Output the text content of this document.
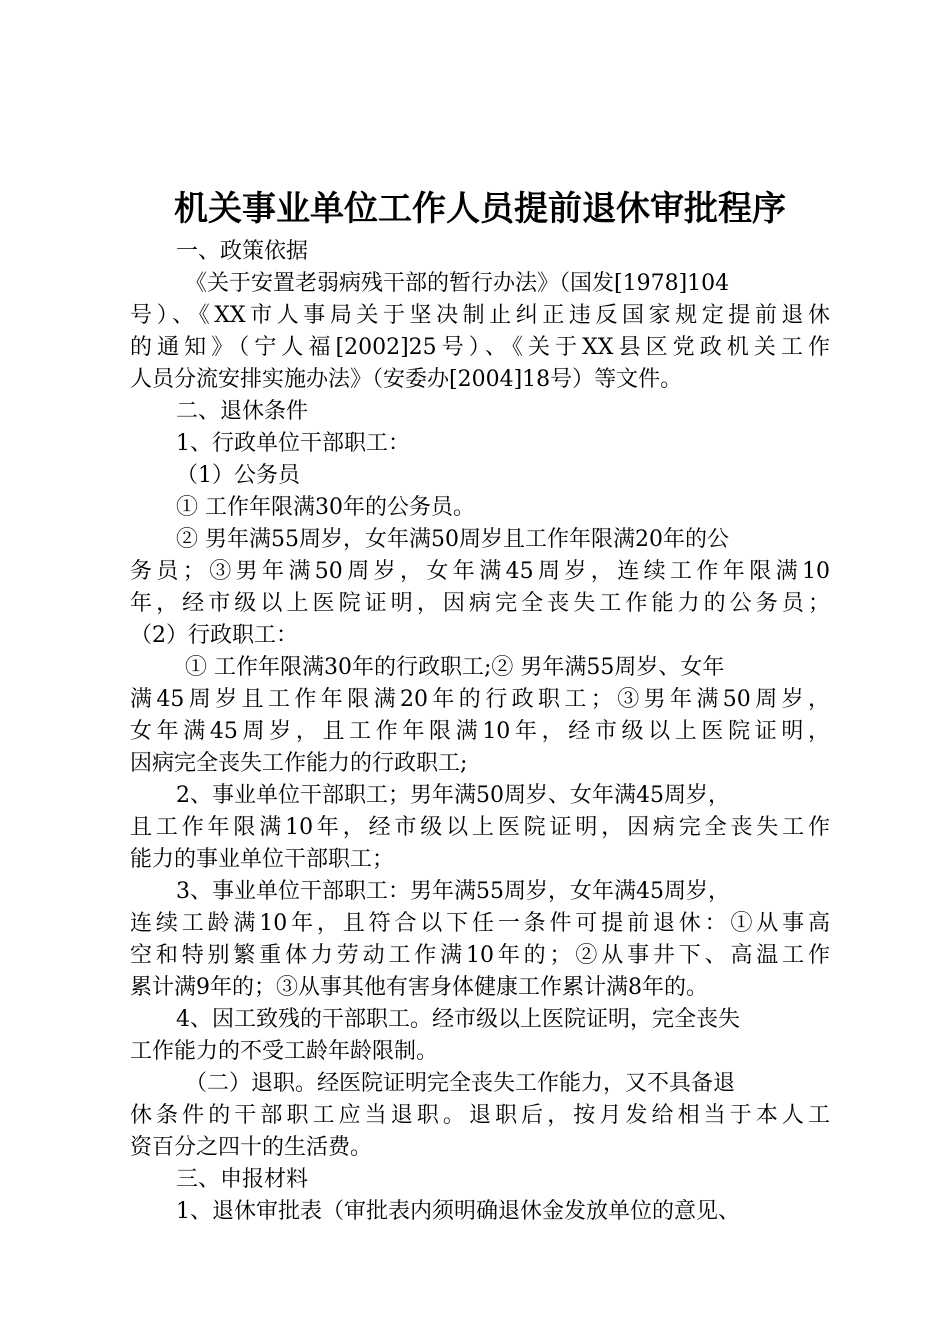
机关事业单位工作人员提前退休审批程序
一、政策依据
《关于安置老弱病残干部的暂行办法》（国发[1978]104
号）、《XX市人事局关于坚决制止纠正违反国家规定提前退休
的通知》（宁人福[2002]25号）、《关于XX县区党政机关工作
人员分流安排实施办法》（安委办[2004]18号）等文件。
二、退休条件
1、行政单位干部职工：
（1）公务员
① 工作年限满30年的公务员。
② 男年满55周岁，女年满50周岁且工作年限满20年的公
务员；③男年满50周岁，女年满45周岁，连续工作年限满10
年，经市级以上医院证明，因病完全丧失工作能力的公务员；
（2）行政职工：
① 工作年限满30年的行政职工;② 男年满55周岁、女年
满45周岁且工作年限满20年的行政职工；③男年满50周岁，
女年满45周岁，且工作年限满10年，经市级以上医院证明，
因病完全丧失工作能力的行政职工;
2、事业单位干部职工；男年满50周岁、女年满45周岁，
且工作年限满10年，经市级以上医院证明，因病完全丧失工作
能力的事业单位干部职工；
3、事业单位干部职工：男年满55周岁，女年满45周岁，
连续工龄满10年，且符合以下任一条件可提前退休：①从事高
空和特别繁重体力劳动工作满10年的；②从事井下、高温工作
累计满9年的；③从事其他有害身体健康工作累计满8年的。
4、因工致残的干部职工。经市级以上医院证明，完全丧失
工作能力的不受工龄年龄限制。
（二）退职。经医院证明完全丧失工作能力，又不具备退
休条件的干部职工应当退职。退职后，按月发给相当于本人工
资百分之四十的生活费。
三、申报材料
1、退休审批表（审批表内须明确退休金发放单位的意见、
